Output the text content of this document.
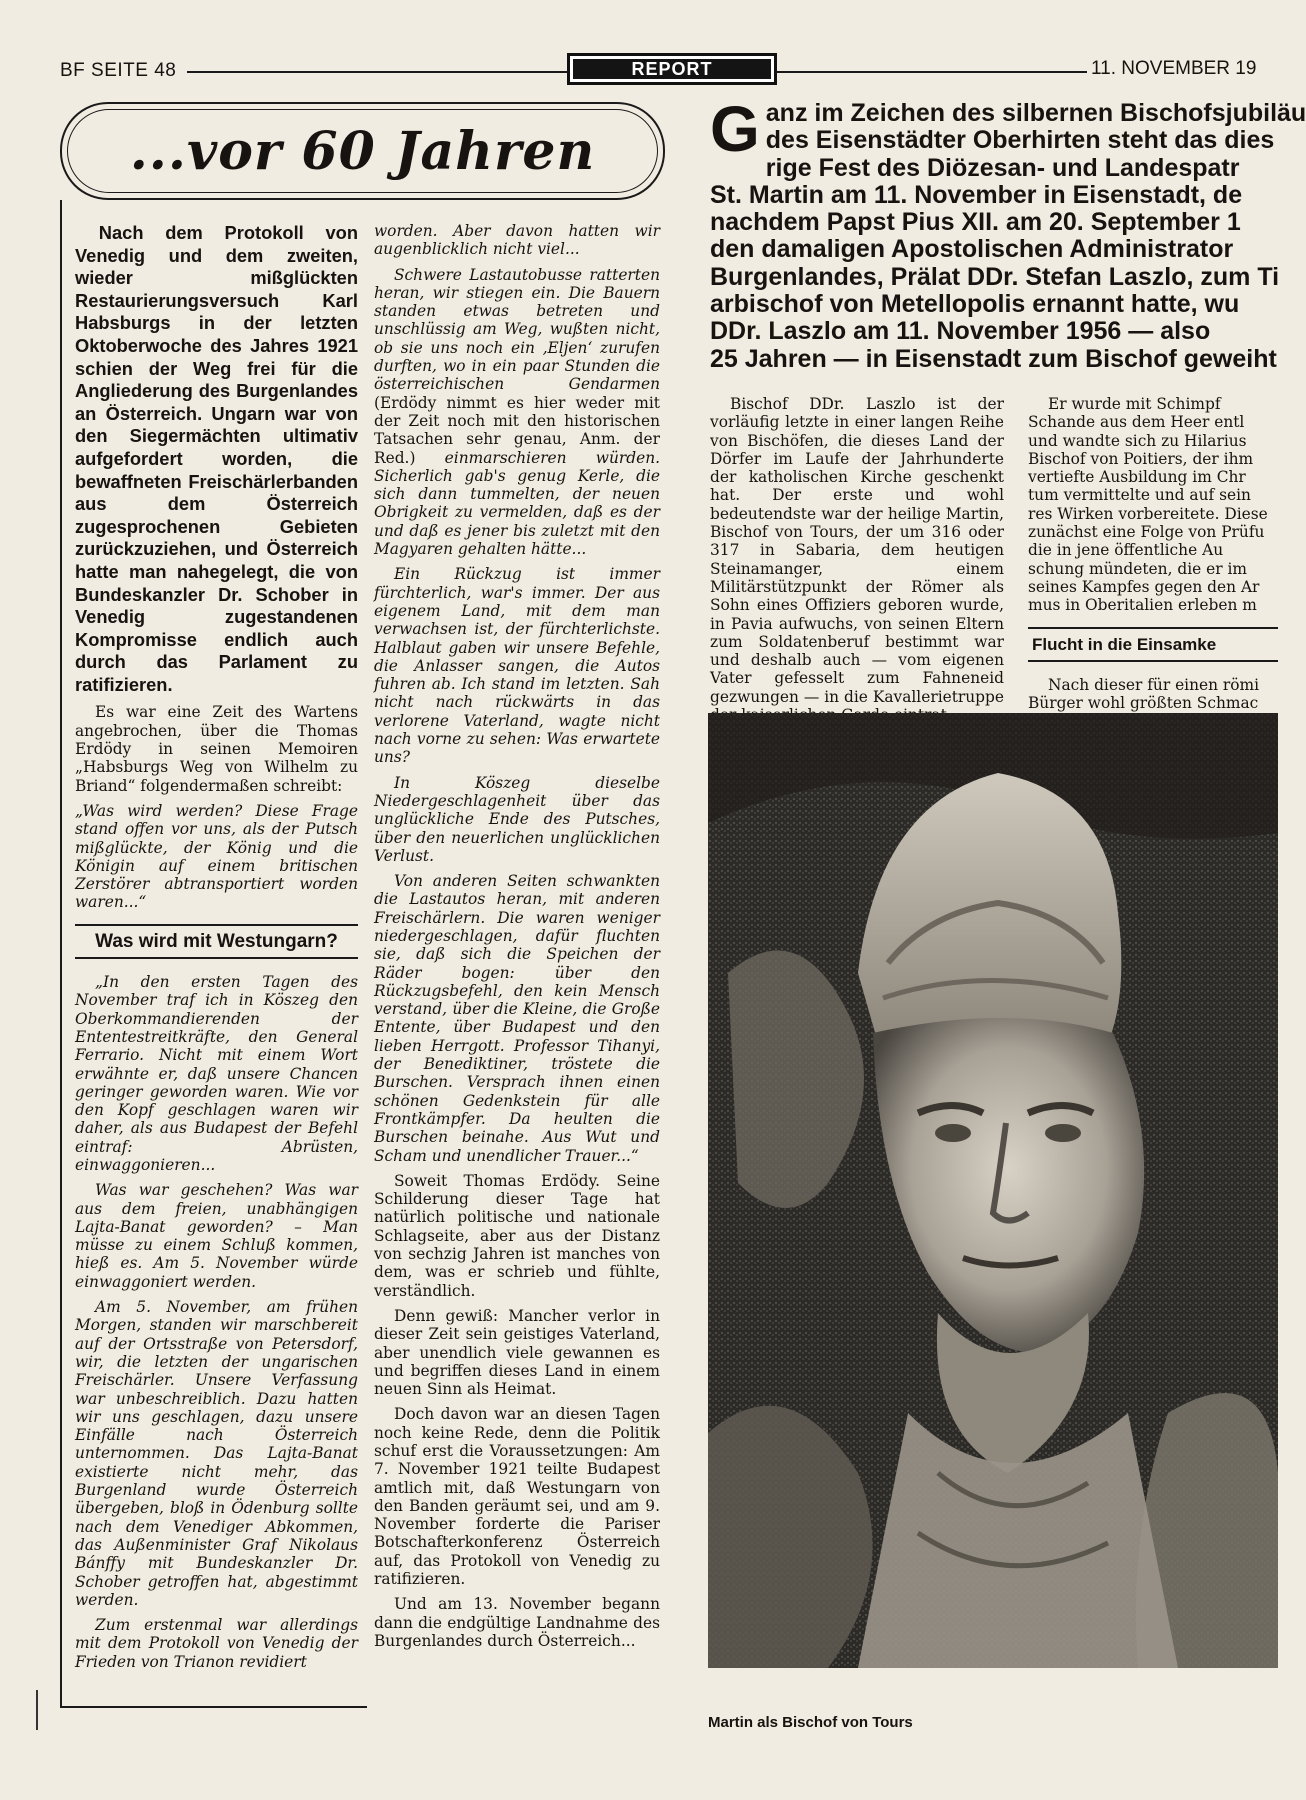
BF SEITE 48	REPORT	11. NOVEMBER 19
...vor 60 Jahren

Nach dem Protokoll von Venedig und dem zweiten, wieder mißglückten Restaurierungsversuch Karl Habsburgs in der letzten Oktoberwoche des Jahres 1921 schien der Weg frei für die Angliederung des Burgenlandes an Österreich. Ungarn war von den Siegermächten ultimativ aufgefordert worden, die bewaffneten Freischärlerbanden aus dem Österreich zugesprochenen Gebieten zurückzuziehen, und Österreich hatte man nahegelegt, die von Bundeskanzler Dr. Schober in Venedig zugestandenen Kompromisse endlich auch durch das Parlament zu ratifizieren.

Es war eine Zeit des Wartens angebrochen, über die Thomas Erdödy in seinen Memoiren „Habsburgs Weg von Wilhelm zu Briand“ folgendermaßen schreibt:

„Was wird werden? Diese Frage stand offen vor uns, als der Putsch mißglückte, der König und die Königin auf einem britischen Zerstörer abtransportiert worden waren...“

Was wird mit Westungarn?

„In den ersten Tagen des November traf ich in Köszeg den Oberkommandierenden der Ententestreitkräfte, den General Ferrario. Nicht mit einem Wort erwähnte er, daß unsere Chancen geringer geworden waren. Wie vor den Kopf geschlagen waren wir daher, als aus Budapest der Befehl eintraf: Abrüsten, einwaggonieren...

Was war geschehen? Was war aus dem freien, unabhängigen Lajta-Banat geworden? – Man müsse zu einem Schluß kommen, hieß es. Am 5. November würde einwaggoniert werden.

Am 5. November, am frühen Morgen, standen wir marschbereit auf der Ortsstraße von Petersdorf, wir, die letzten der ungarischen Freischärler. Unsere Verfassung war unbeschreiblich. Dazu hatten wir uns geschlagen, dazu unsere Einfälle nach Österreich unternommen. Das Lajta-Banat existierte nicht mehr, das Burgenland wurde Österreich übergeben, bloß in Ödenburg sollte nach dem Venediger Abkommen, das Außenminister Graf Nikolaus Bánffy mit Bundeskanzler Dr. Schober getroffen hat, abgestimmt werden.

Zum erstenmal war allerdings mit dem Protokoll von Venedig der Frieden von Trianon revidiert

worden. Aber davon hatten wir augenblicklich nicht viel...

Schwere Lastautobusse ratterten heran, wir stiegen ein. Die Bauern standen etwas betreten und unschlüssig am Weg, wußten nicht, ob sie uns noch ein ‚Eljen‘ zurufen durften, wo in ein paar Stunden die österreichischen Gendarmen (Erdödy nimmt es hier weder mit der Zeit noch mit den historischen Tatsachen sehr genau, Anm. der Red.) einmarschieren würden. Sicherlich gab's genug Kerle, die sich dann tummelten, der neuen Obrigkeit zu vermelden, daß es der und daß es jener bis zuletzt mit den Magyaren gehalten hätte...

Ein Rückzug ist immer fürchterlich, war's immer. Der aus eigenem Land, mit dem man verwachsen ist, der fürchterlichste. Halblaut gaben wir unsere Befehle, die Anlasser sangen, die Autos fuhren ab. Ich stand im letzten. Sah nicht nach rückwärts in das verlorene Vaterland, wagte nicht nach vorne zu sehen: Was erwartete uns?

In Köszeg dieselbe Niedergeschlagenheit über das unglückliche Ende des Putsches, über den neuerlichen unglücklichen Verlust.

Von anderen Seiten schwankten die Lastautos heran, mit anderen Freischärlern. Die waren weniger niedergeschlagen, dafür fluchten sie, daß sich die Speichen der Räder bogen: über den Rückzugsbefehl, den kein Mensch verstand, über die Kleine, die Große Entente, über Budapest und den lieben Herrgott. Professor Tihanyi, der Benediktiner, tröstete die Burschen. Versprach ihnen einen schönen Gedenkstein für alle Frontkämpfer. Da heulten die Burschen beinahe. Aus Wut und Scham und unendlicher Trauer...“

Soweit Thomas Erdödy. Seine Schilderung dieser Tage hat natürlich politische und nationale Schlagseite, aber aus der Distanz von sechzig Jahren ist manches von dem, was er schrieb und fühlte, verständlich.

Denn gewiß: Mancher verlor in dieser Zeit sein geistiges Vaterland, aber unendlich viele gewannen es und begriffen dieses Land in einem neuen Sinn als Heimat.

Doch davon war an diesen Tagen noch keine Rede, denn die Politik schuf erst die Voraussetzungen: Am 7. November 1921 teilte Budapest amtlich mit, daß Westungarn von den Banden geräumt sei, und am 9. November forderte die Pariser Botschafterkonferenz Österreich auf, das Protokoll von Venedig zu ratifizieren.

Und am 13. November begann dann die endgültige Landnahme des Burgenlandes durch Österreich...

G anz im Zeichen des silbernen Bischofsjubiläu
des Eisenstädter Oberhirten steht das dies
rige Fest des Diözesan- und Landespatr
St. Martin am 11. November in Eisenstadt, de
nachdem Papst Pius XII. am 20. September 1
den damaligen Apostolischen Administrator
Burgenlandes, Prälat DDr. Stefan Laszlo, zum Ti
arbischof von Metellopolis ernannt hatte, wu
DDr. Laszlo am 11. November 1956 — also
25 Jahren — in Eisenstadt zum Bischof geweiht

Bischof DDr. Laszlo ist der vorläufig letzte in einer langen Reihe von Bischöfen, die dieses Land der Dörfer im Laufe der Jahrhunderte der katholischen Kirche geschenkt hat. Der erste und wohl bedeutendste war der heilige Martin, Bischof von Tours, der um 316 oder 317 in Sabaria, dem heutigen Steinamanger, einem Militärstützpunkt der Römer als Sohn eines Offiziers geboren wurde, in Pavia aufwuchs, von seinen Eltern zum Soldatenberuf bestimmt war und deshalb auch — vom eigenen Vater gefesselt zum Fahneneid gezwungen — in die Kavallerietruppe

Er wurde mit Schimpf Schande aus dem Heer entl und wandte sich zu Hilarius Bischof von Poitiers, der ihm vertiefte Ausbildung im Chr tum vermittelte und auf sein res Wirken vorbereitete. Diese zunächst eine Folge von Prüfu die in jene öffentliche Au schung mündeten, die er im seines Kampfes gegen den Ar mus in Oberitalien erleben m

Flucht in die Einsamke

Nach dieser für einen römi Bürger wohl größten Schmac

Martin als Bischof von Tours
